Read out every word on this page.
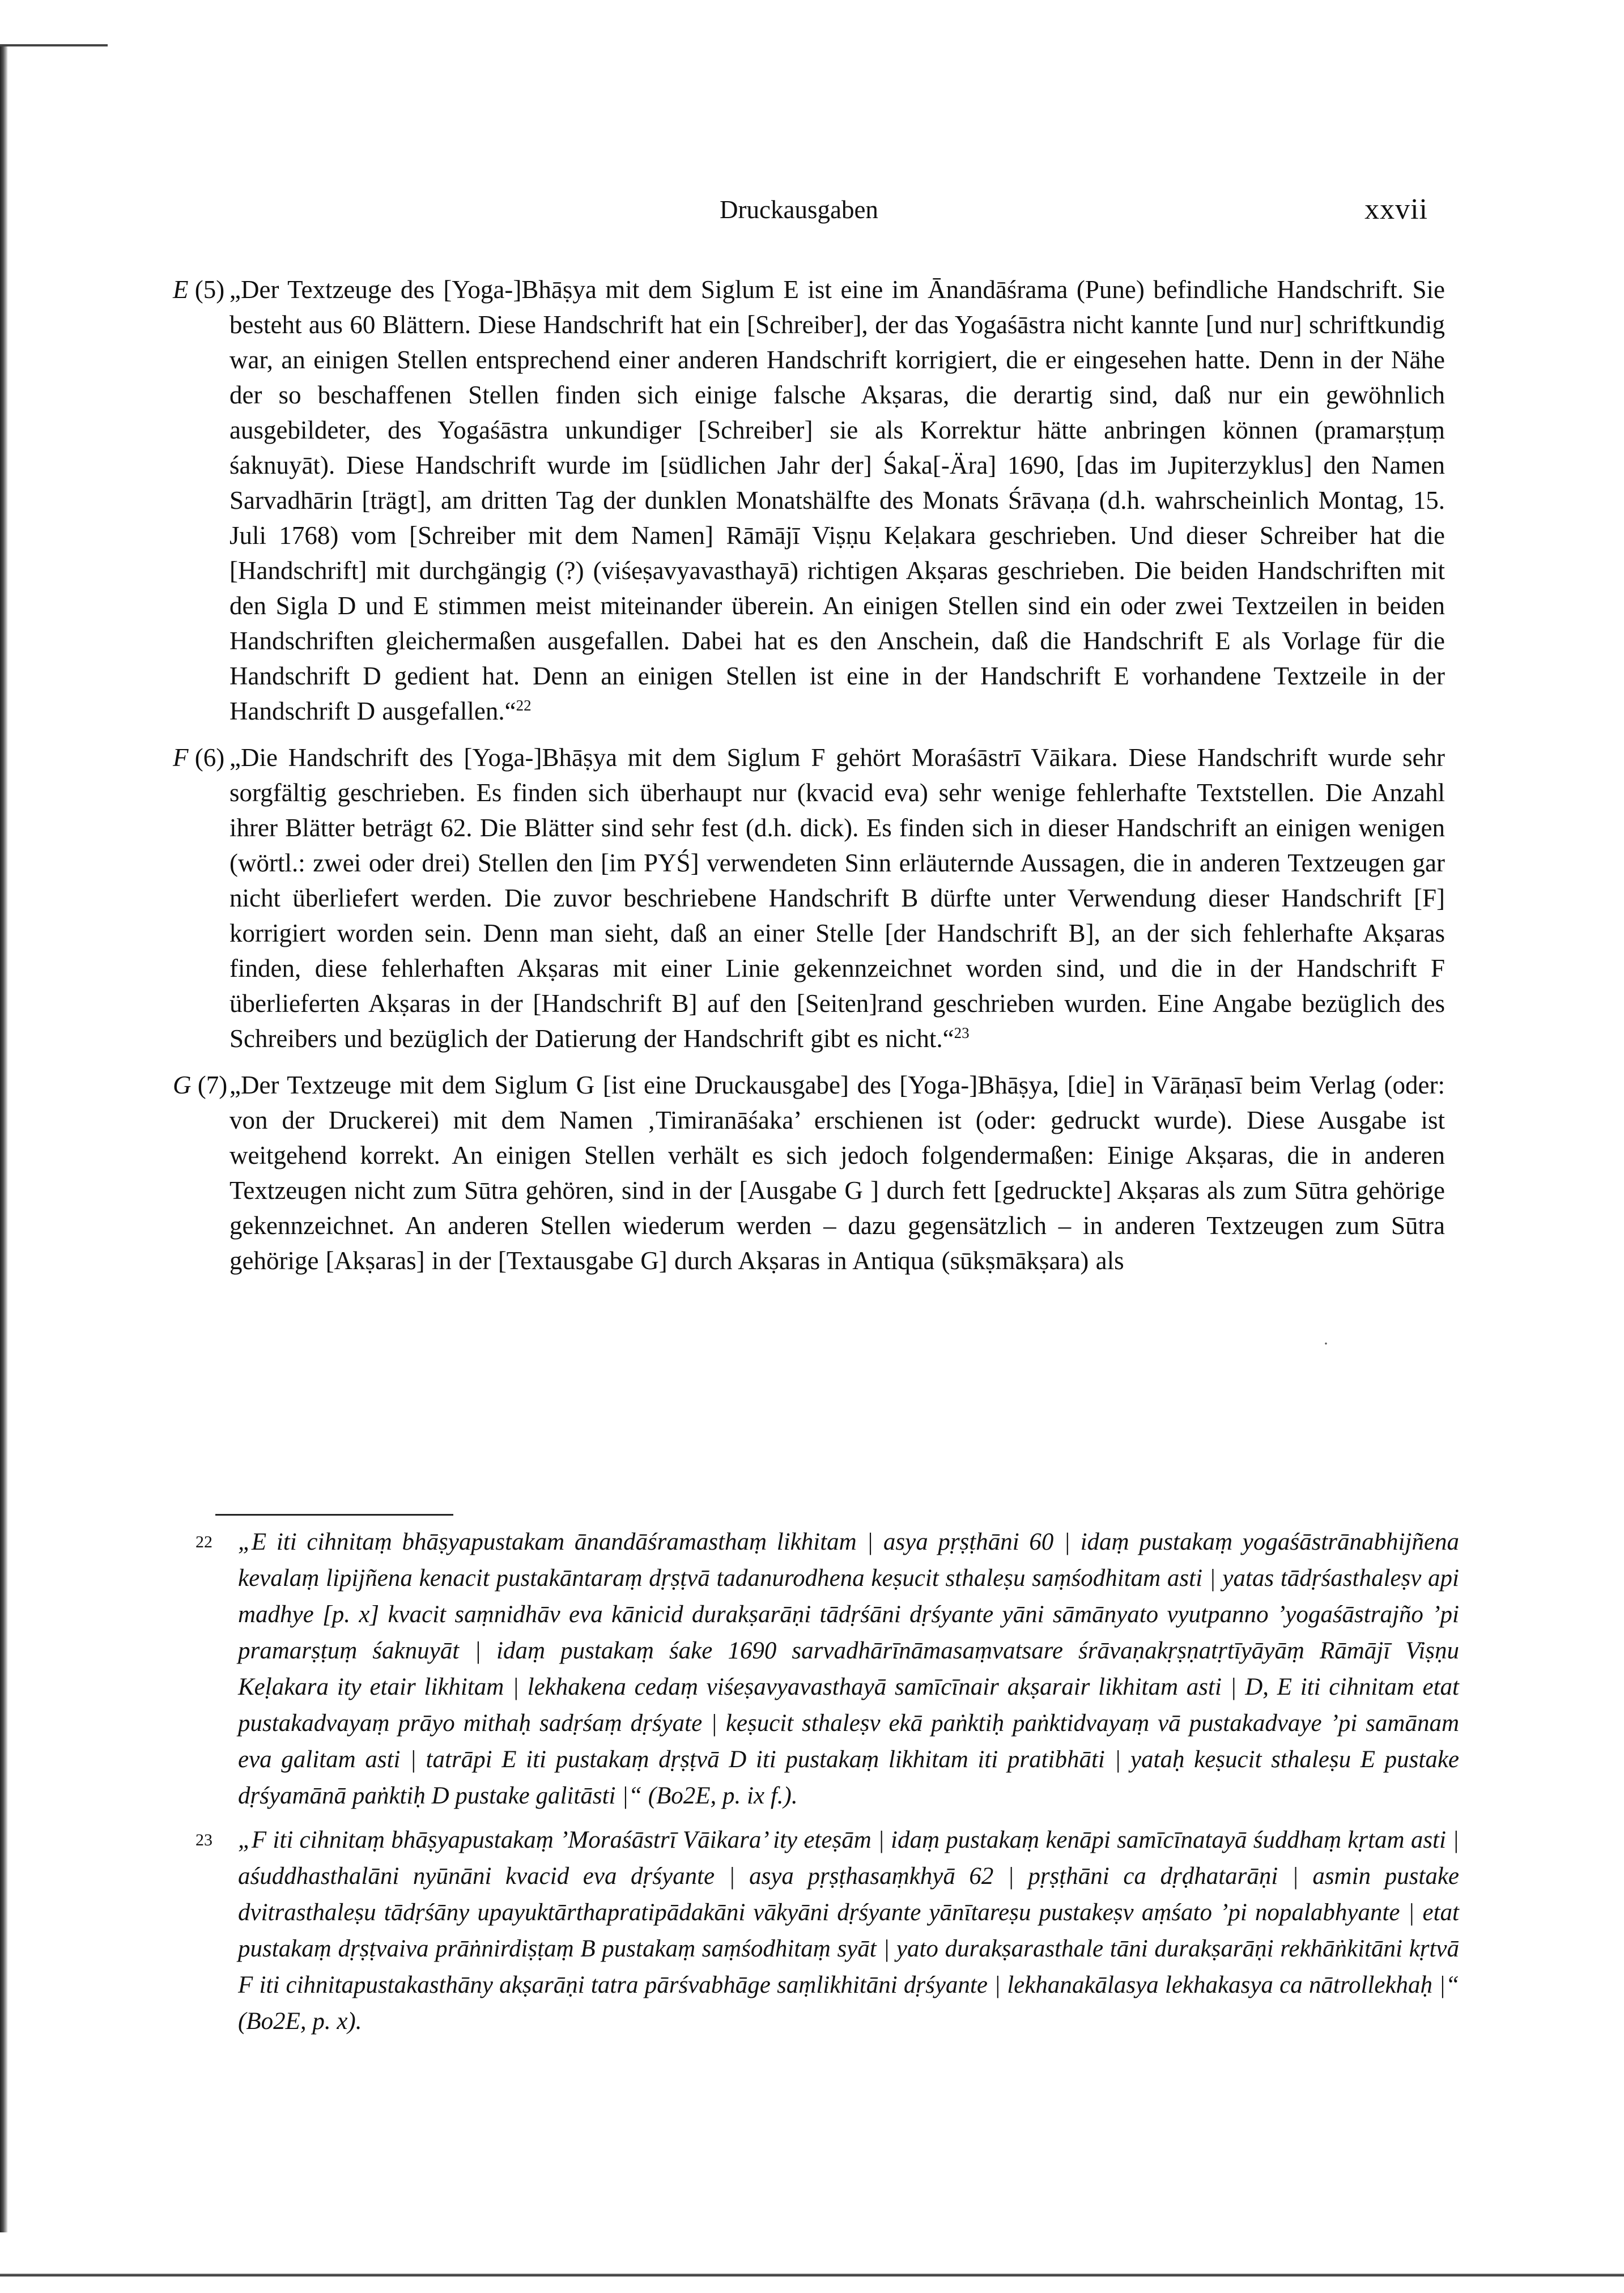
Druckausgaben	xxvii
E (5) „Der Textzeuge des [Yoga-]Bhāṣya mit dem Siglum E ist eine im Ānandāśrama (Pune) befindliche Handschrift. Sie besteht aus 60 Blättern. Diese Handschrift hat ein [Schreiber], der das Yogaśāstra nicht kannte [und nur] schriftkundig war, an einigen Stellen entsprechend einer anderen Handschrift korrigiert, die er eingesehen hatte. Denn in der Nähe der so beschaffenen Stellen finden sich einige falsche Akṣaras, die derartig sind, daß nur ein gewöhnlich ausgebildeter, des Yogaśāstra unkundiger [Schreiber] sie als Korrektur hätte anbringen können (pramarṣṭuṃ śaknuyāt). Diese Handschrift wurde im [südlichen Jahr der] Śaka[-Ära] 1690, [das im Jupiterzyklus] den Namen Sarvadhārin [trägt], am dritten Tag der dunklen Monatshälfte des Monats Śrāvaṇa (d.h. wahrscheinlich Montag, 15. Juli 1768) vom [Schreiber mit dem Namen] Rāmājī Viṣṇu Keḷakara geschrieben. Und dieser Schreiber hat die [Handschrift] mit durchgängig (?) (viśeṣavyavasthayā) richtigen Akṣaras geschrieben. Die beiden Handschriften mit den Sigla D und E stimmen meist miteinander überein. An einigen Stellen sind ein oder zwei Textzeilen in beiden Handschriften gleichermaßen ausgefallen. Dabei hat es den Anschein, daß die Handschrift E als Vorlage für die Handschrift D gedient hat. Denn an einigen Stellen ist eine in der Handschrift E vorhandene Textzeile in der Handschrift D ausgefallen.“$^{22}$
F (6) „Die Handschrift des [Yoga-]Bhāṣya mit dem Siglum F gehört Moraśāstrī Vāikara. Diese Handschrift wurde sehr sorgfältig geschrieben. Es finden sich überhaupt nur (kvacid eva) sehr wenige fehlerhafte Textstellen. Die Anzahl ihrer Blätter beträgt 62. Die Blätter sind sehr fest (d.h. dick). Es finden sich in dieser Handschrift an einigen wenigen (wörtl.: zwei oder drei) Stellen den [im PYŚ] verwendeten Sinn erläuternde Aussagen, die in anderen Textzeugen gar nicht überliefert werden. Die zuvor beschriebene Handschrift B dürfte unter Verwendung dieser Handschrift [F] korrigiert worden sein. Denn man sieht, daß an einer Stelle [der Handschrift B], an der sich fehlerhafte Akṣaras finden, diese fehlerhaften Akṣaras mit einer Linie gekennzeichnet worden sind, und die in der Handschrift F überlieferten Akṣaras in der [Handschrift B] auf den [Seiten]rand geschrieben wurden. Eine Angabe bezüglich des Schreibers und bezüglich der Datierung der Handschrift gibt es nicht.“$^{23}$
G (7) „Der Textzeuge mit dem Siglum G [ist eine Druckausgabe] des [Yoga-]Bhāṣya, [die] in Vārāṇasī beim Verlag (oder: von der Druckerei) mit dem Namen ‚Timiranāśaka’ erschienen ist (oder: gedruckt wurde). Diese Ausgabe ist weitgehend korrekt. An einigen Stellen verhält es sich jedoch folgendermaßen: Einige Akṣaras, die in anderen Textzeugen nicht zum Sūtra gehören, sind in der [Ausgabe G ] durch fett [gedruckte] Akṣaras als zum Sūtra gehörige gekennzeichnet. An anderen Stellen wiederum werden – dazu gegensätzlich – in anderen Textzeugen zum Sūtra gehörige [Akṣaras] in der [Textausgabe G] durch Akṣaras in Antiqua (sūkṣmākṣara) als
·
22 „E iti cihnitaṃ bhāṣyapustakam ānandāśramasthaṃ likhitam | asya pṛṣṭhāni 60 | idaṃ pustakaṃ yogaśāstrānabhijñena kevalaṃ lipijñena kenacit pustakāntaraṃ dṛṣṭvā tadanurodhena keṣucit sthaleṣu saṃśodhitam asti | yatas tādṛśasthaleṣv api madhye [p. x] kvacit saṃnidhāv eva kānicid durakṣarāṇi tādṛśāni dṛśyante yāni sāmānyato vyutpanno ’yogaśāstrajño ’pi pramarṣṭuṃ śaknuyāt | idaṃ pustakaṃ śake 1690 sarvadhārīnāmasaṃvatsare śrāvaṇakṛṣṇatṛtīyāyāṃ Rāmājī Viṣṇu Keḷakara ity etair likhitam | lekhakena cedaṃ viśeṣavyavasthayā samīcīnair akṣarair likhitam asti | D, E iti cihnitam etat pustakadvayaṃ prāyo mithaḥ sadṛśaṃ dṛśyate | keṣucit sthaleṣv ekā paṅktiḥ paṅktidvayaṃ vā pustakadvaye ’pi samānam eva galitam asti | tatrāpi E iti pustakaṃ dṛṣṭvā D iti pustakaṃ likhitam iti pratibhāti | yataḥ keṣucit sthaleṣu E pustake dṛśyamānā paṅktiḥ D pustake galitāsti |“ (Bo2E, p. ix f.).
23 „F iti cihnitaṃ bhāṣyapustakaṃ ’Moraśāstrī Vāikara’ ity eteṣām | idaṃ pustakaṃ kenāpi samīcīnatayā śuddhaṃ kṛtam asti | aśuddhasthalāni nyūnāni kvacid eva dṛśyante | asya pṛṣṭhasaṃkhyā 62 | pṛṣṭhāni ca dṛḍhatarāṇi | asmin pustake dvitrasthaleṣu tādṛśāny upayuktārthapratipādakāni vākyāni dṛśyante yānītareṣu pustakeṣv aṃśato ’pi nopalabhyante | etat pustakaṃ dṛṣṭvaiva prāṅnirdiṣṭaṃ B pustakaṃ saṃśodhitaṃ syāt | yato durakṣarasthale tāni durakṣarāṇi rekhāṅkitāni kṛtvā F iti cihnitapustakasthāny akṣarāṇi tatra pārśvabhāge saṃlikhitāni dṛśyante | lekhanakālasya lekhakasya ca nātrollekhaḥ |“ (Bo2E, p. x).
